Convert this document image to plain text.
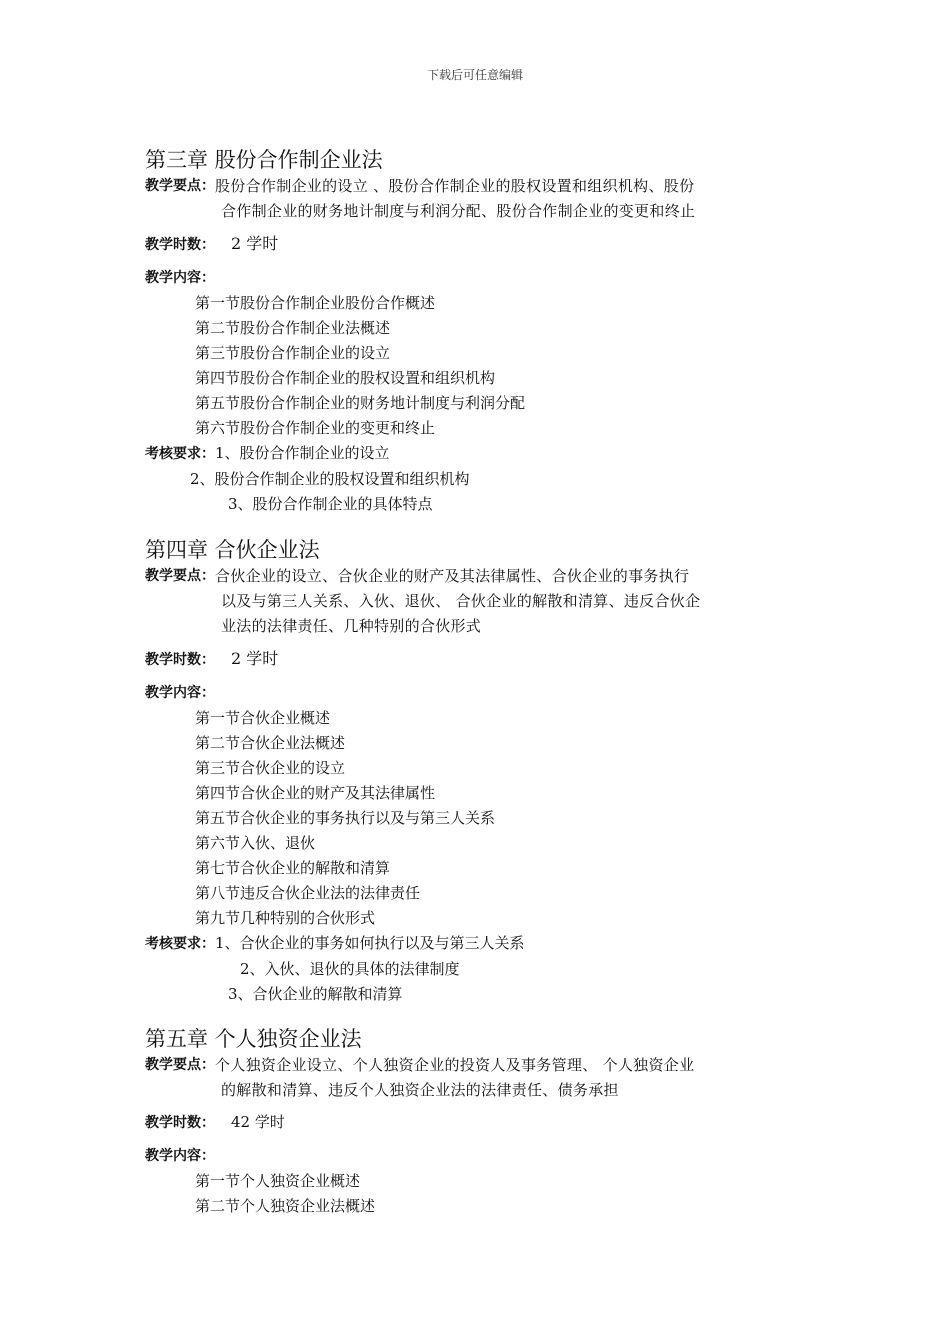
下载后可任意编辑
第三章 股份合作制企业法
教学要点： 股份合作制企业的设立 、股份合作制企业的股权设置和组织机构、股份
合作制企业的财务地计制度与利润分配、股份合作制企业的变更和终止
教学时数： 2 学时
教学内容：
第一节股份合作制企业股份合作概述
第二节股份合作制企业法概述
第三节股份合作制企业的设立
第四节股份合作制企业的股权设置和组织机构
第五节股份合作制企业的财务地计制度与利润分配
第六节股份合作制企业的变更和终止
考核要求：1、股份合作制企业的设立
2、股份合作制企业的股权设置和组织机构
3、股份合作制企业的具体特点
第四章 合伙企业法
教学要点： 合伙企业的设立、合伙企业的财产及其法律属性、合伙企业的事务执行
以及与第三人关系、入伙、退伙、 合伙企业的解散和清算、违反合伙企
业法的法律责任、几种特别的合伙形式
教学时数： 2 学时
教学内容：
第一节合伙企业概述
第二节合伙企业法概述
第三节合伙企业的设立
第四节合伙企业的财产及其法律属性
第五节合伙企业的事务执行以及与第三人关系
第六节入伙、退伙
第七节合伙企业的解散和清算
第八节违反合伙企业法的法律责任
第九节几种特别的合伙形式
考核要求：1、合伙企业的事务如何执行以及与第三人关系
2、入伙、退伙的具体的法律制度
3、合伙企业的解散和清算
第五章 个人独资企业法
教学要点： 个人独资企业设立、个人独资企业的投资人及事务管理、 个人独资企业
的解散和清算、违反个人独资企业法的法律责任、债务承担
教学时数： 42 学时
教学内容：
第一节个人独资企业概述
第二节个人独资企业法概述
